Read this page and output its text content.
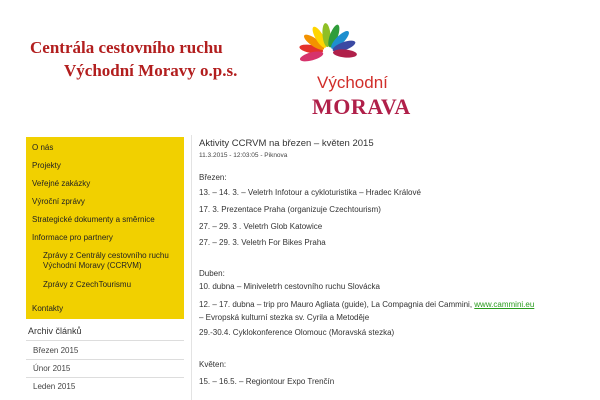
Centrála cestovního ruchu
Východní Moravy o.p.s.
Východní
MORAVA
O nás
Projekty
Veřejné zakázky
Výroční zprávy
Strategické dokumenty a směrnice
Informace pro partnery
Zprávy z Centrály cestovního ruchu Východní Moravy (CCRVM)
Zprávy z CzechTourismu
Kontakty
Archiv článků
Březen 2015
Únor 2015
Leden 2015
Aktivity CCRVM na březen – květen 2015
11.3.2015 - 12:03:05 - Piknova
Březen:
13. – 14. 3. – Veletrh Infotour a cykloturistika – Hradec Králové
17. 3. Prezentace Praha (organizuje Czechtourism)
27. – 29. 3 . Veletrh Glob Katowice
27. – 29. 3. Veletrh For Bikes Praha
Duben:
10. dubna – Miniveletrh cestovního ruchu Slovácka
12. – 17. dubna – trip pro Mauro Agliata (guide), La Compagnia dei Cammini, www.cammini.eu
– Evropská kulturní stezka sv. Cyrila a Metoděje
29.-30.4. Cyklokonference Olomouc (Moravská stezka)
Květen:
15. – 16.5. – Regiontour Expo Trenčín
